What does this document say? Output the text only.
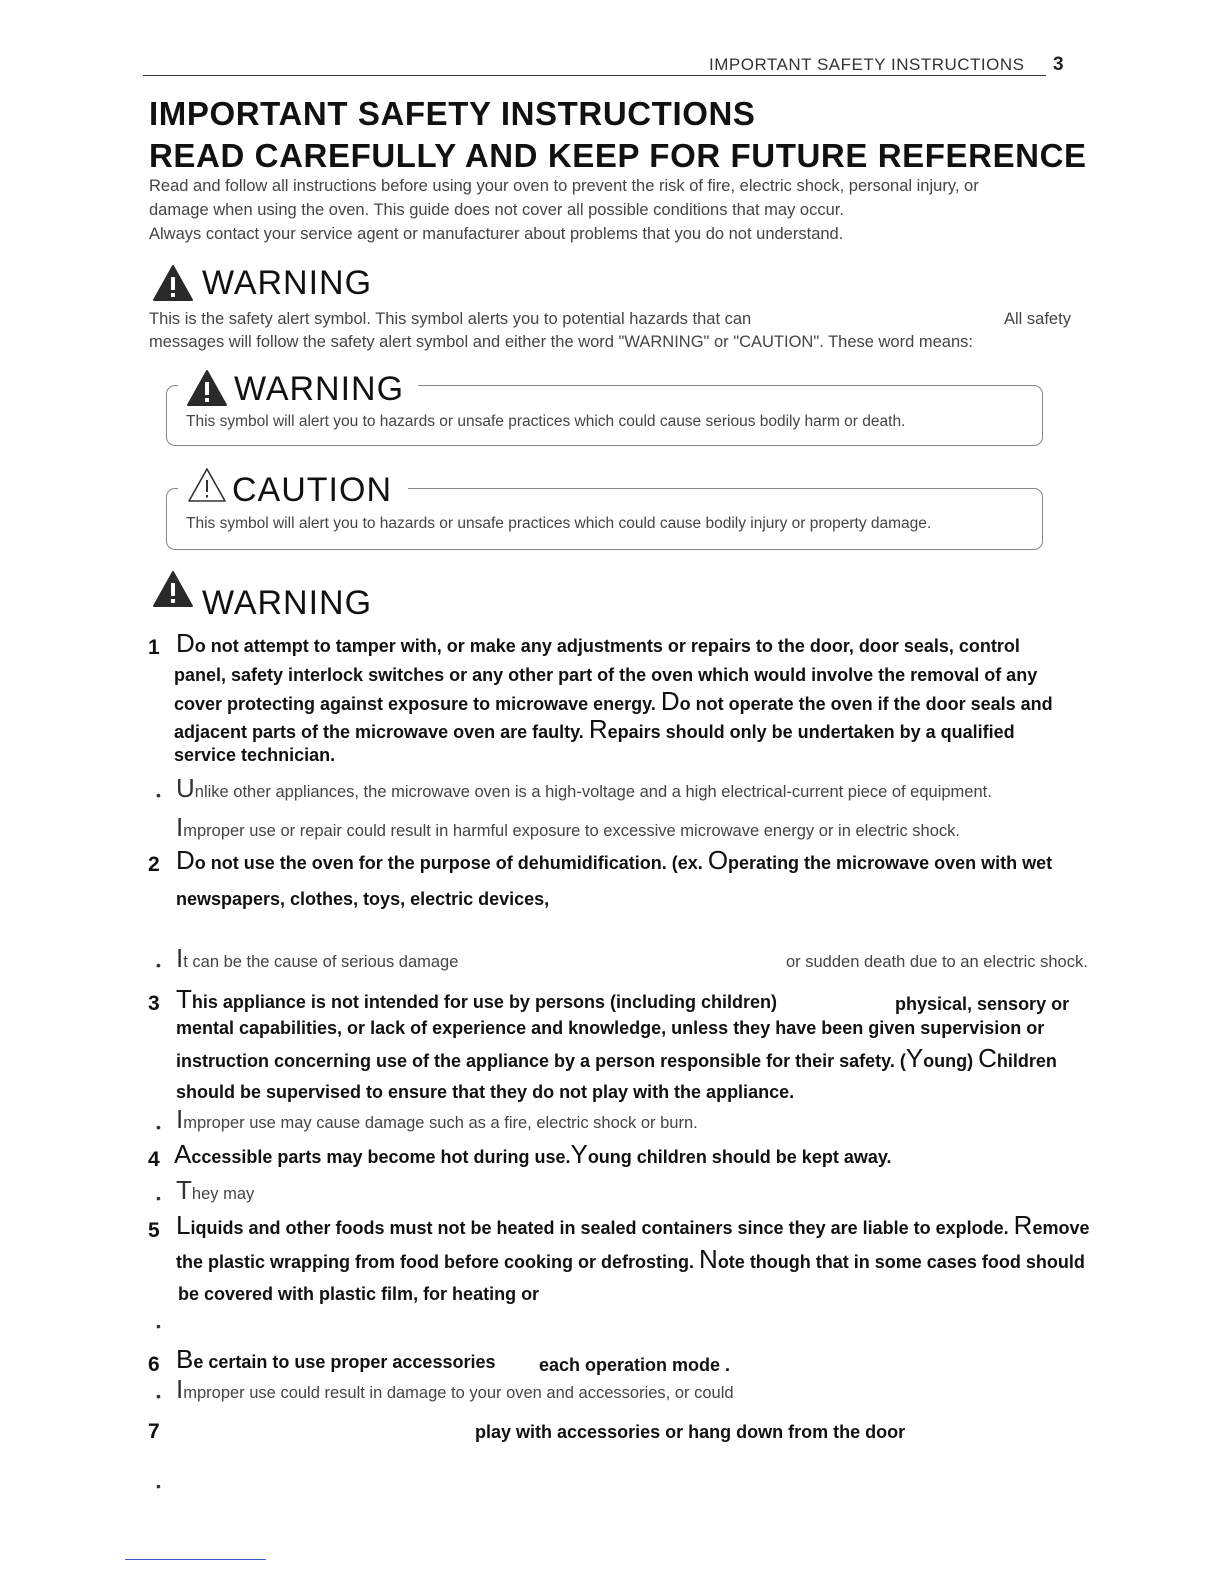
IMPORTANT SAFETY INSTRUCTIONS 3
IMPORTANT SAFETY INSTRUCTIONS
READ CAREFULLY AND KEEP FOR FUTURE REFERENCE
Read and follow all instructions before using your oven to prevent the risk of fire, electric shock, personal injury, or
damage when using the oven. This guide does not cover all possible conditions that may occur.
Always contact your service agent or manufacturer about problems that you do not understand.
WARNING
This is the safety alert symbol. This symbol alerts you to potential hazards that can	All safety
messages will follow the safety alert symbol and either the word "WARNING" or "CAUTION". These word means:
WARNING
This symbol will alert you to hazards or unsafe practices which could cause serious bodily harm or death.
CAUTION
This symbol will alert you to hazards or unsafe practices which could cause bodily injury or property damage.
WARNING
1 Do not attempt to tamper with, or make any adjustments or repairs to the door, door seals, control
panel, safety interlock switches or any other part of the oven which would involve the removal of any
cover protecting against exposure to microwave energy. Do not operate the oven if the door seals and
adjacent parts of the microwave oven are faulty. Repairs should only be undertaken by a qualified
service technician.
• Unlike other appliances, the microwave oven is a high-voltage and a high electrical-current piece of equipment.
Improper use or repair could result in harmful exposure to excessive microwave energy or in electric shock.
2 Do not use the oven for the purpose of dehumidification. (ex. Operating the microwave oven with wet
newspapers, clothes, toys, electric devices,
• It can be the cause of serious damage	or sudden death due to an electric shock.
3 This appliance is not intended for use by persons (including children)	physical, sensory or
mental capabilities, or lack of experience and knowledge, unless they have been given supervision or
instruction concerning use of the appliance by a person responsible for their safety. (Young) Children
should be supervised to ensure that they do not play with the appliance.
• Improper use may cause damage such as a fire, electric shock or burn.
4 Accessible parts may become hot during use.Young children should be kept away.
• They may
5 Liquids and other foods must not be heated in sealed containers since they are liable to explode. Remove
the plastic wrapping from food before cooking or defrosting. Note though that in some cases food should
be covered with plastic film, for heating or
•
6 Be certain to use proper accessories each operation mode .
• Improper use could result in damage to your oven and accessories, or could
7	play with accessories or hang down from the door
•
